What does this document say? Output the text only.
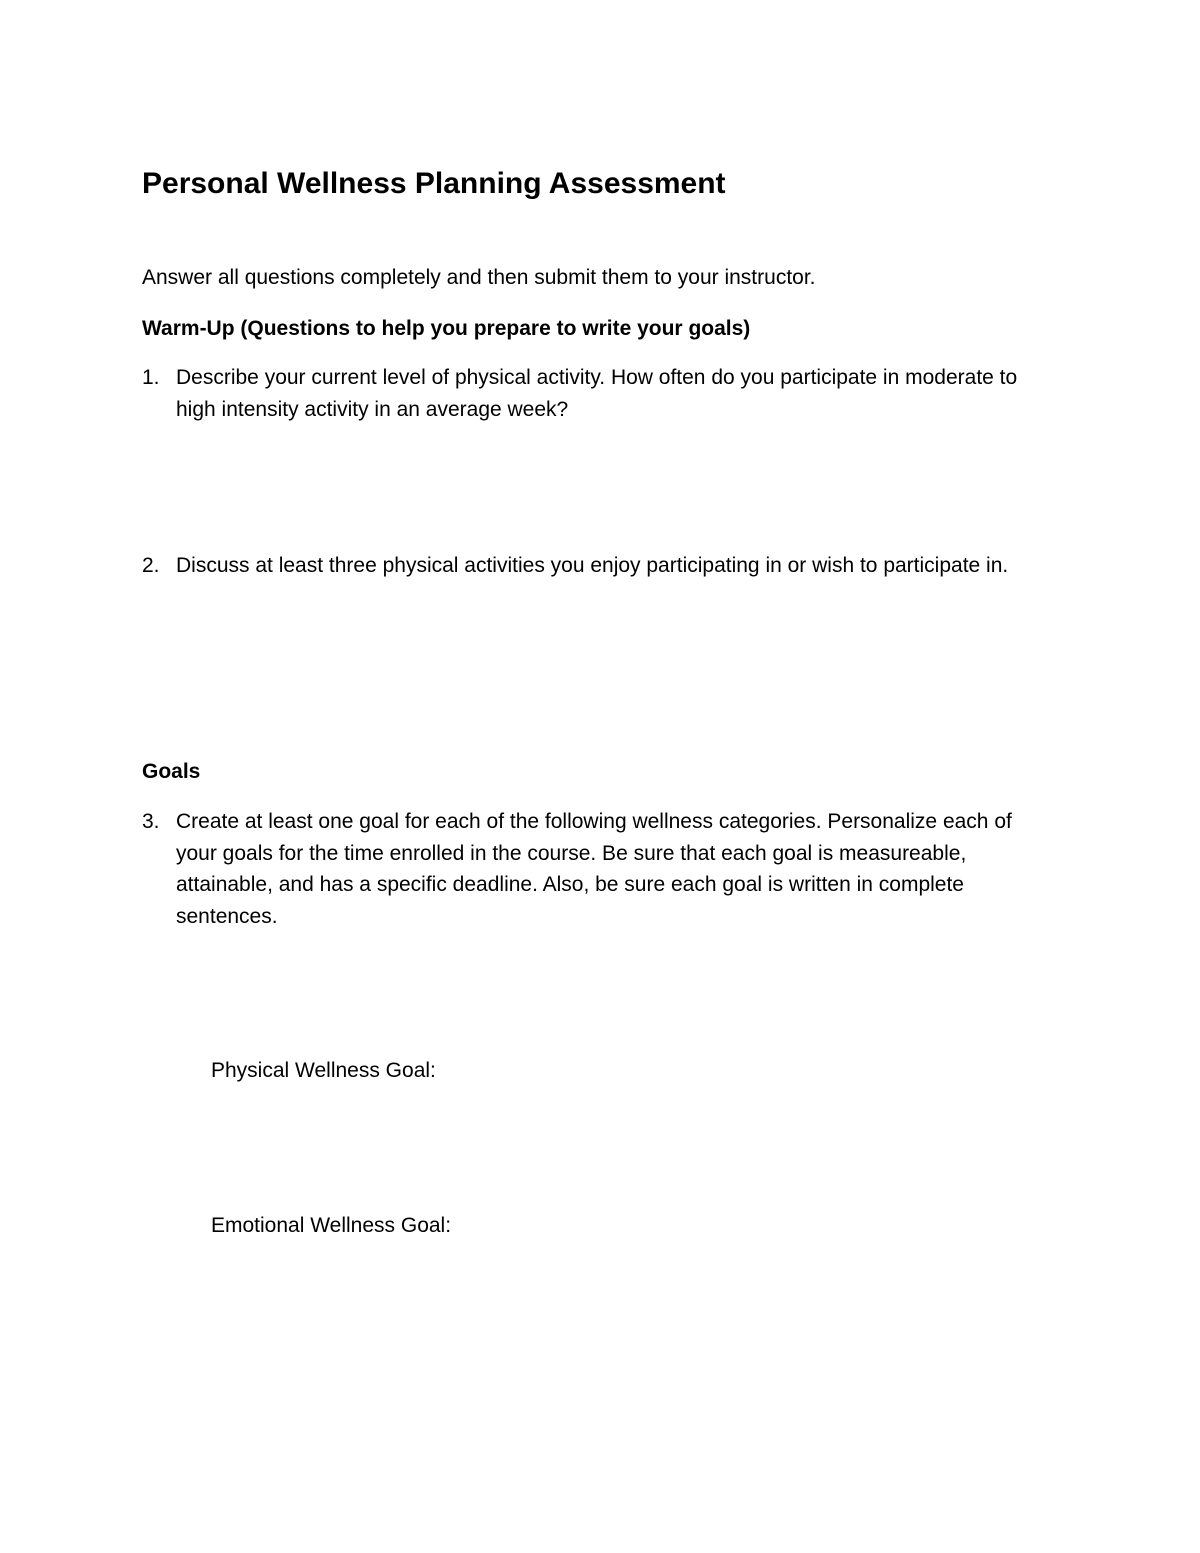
Personal Wellness Planning Assessment

Answer all questions completely and then submit them to your instructor.

Warm-Up (Questions to help you prepare to write your goals)
1. Describe your current level of physical activity. How often do you participate in moderate to high intensity activity in an average week?
2. Discuss at least three physical activities you enjoy participating in or wish to participate in.
Goals
3. Create at least one goal for each of the following wellness categories. Personalize each of your goals for the time enrolled in the course. Be sure that each goal is measureable, attainable, and has a specific deadline. Also, be sure each goal is written in complete sentences.

Physical Wellness Goal:

Emotional Wellness Goal:
